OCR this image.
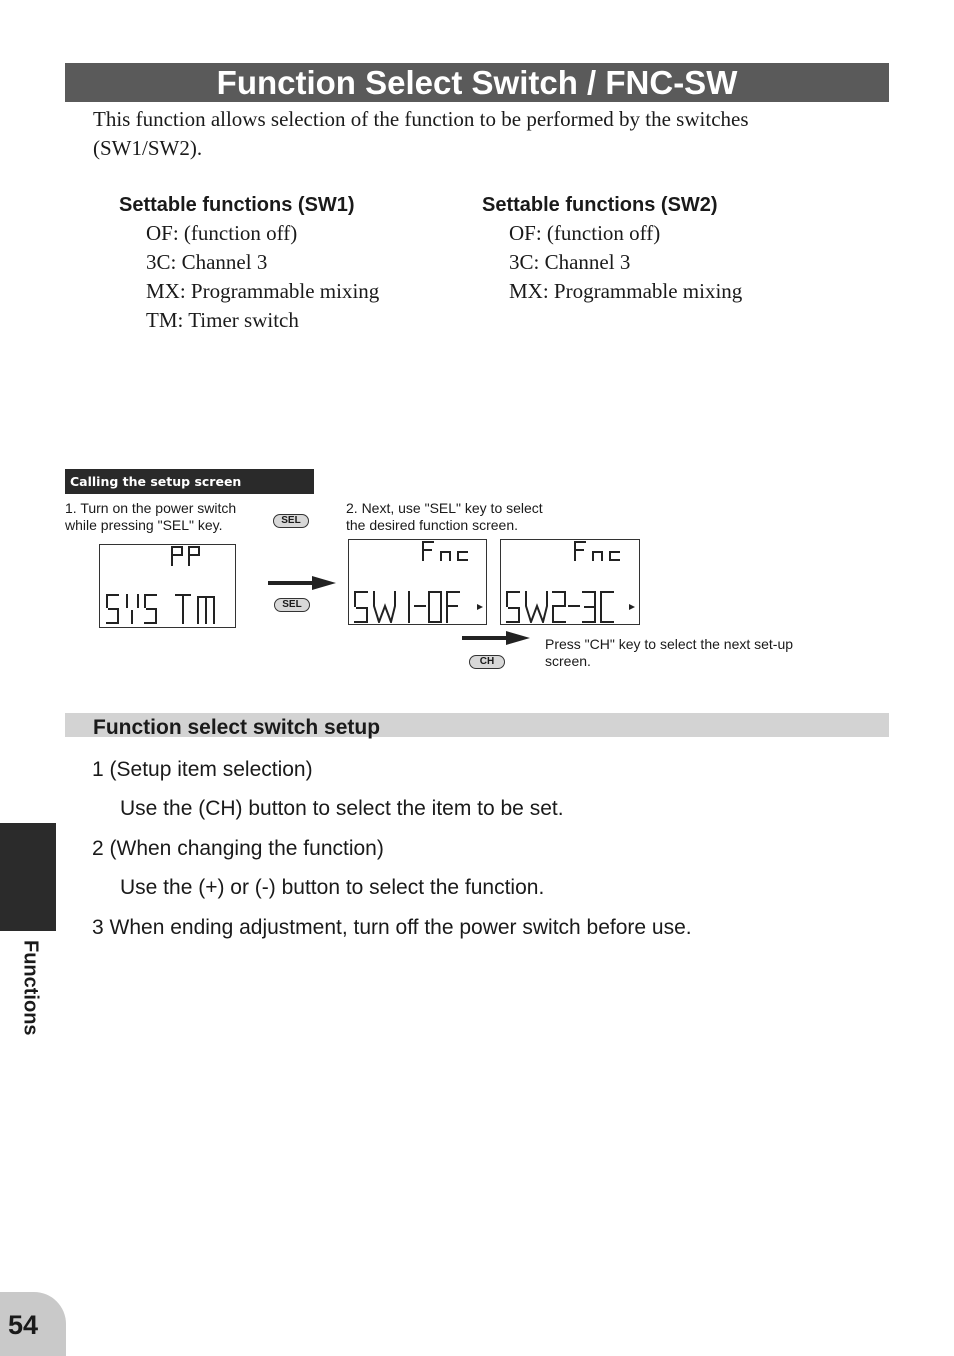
Function Select Switch / FNC-SW
This function allows selection of the function to be performed by the switches (SW1/SW2).
Settable functions (SW1)
OF: (function off)
3C: Channel 3
MX: Programmable mixing
TM: Timer switch
Settable functions (SW2)
OF: (function off)
3C: Channel 3
MX: Programmable mixing
Calling the setup screen
1. Turn on the power switch while pressing "SEL" key.
2. Next, use "SEL" key to select the desired function screen.
SEL
SEL
CH
Press "CH" key to select the next set-up screen.
Function select switch setup
1 (Setup item selection)
Use the (CH) button to select the item to be set.
2 (When changing the function)
Use the (+) or (-) button to select the function.
3 When ending adjustment, turn off the power switch before use.
Functions
54
